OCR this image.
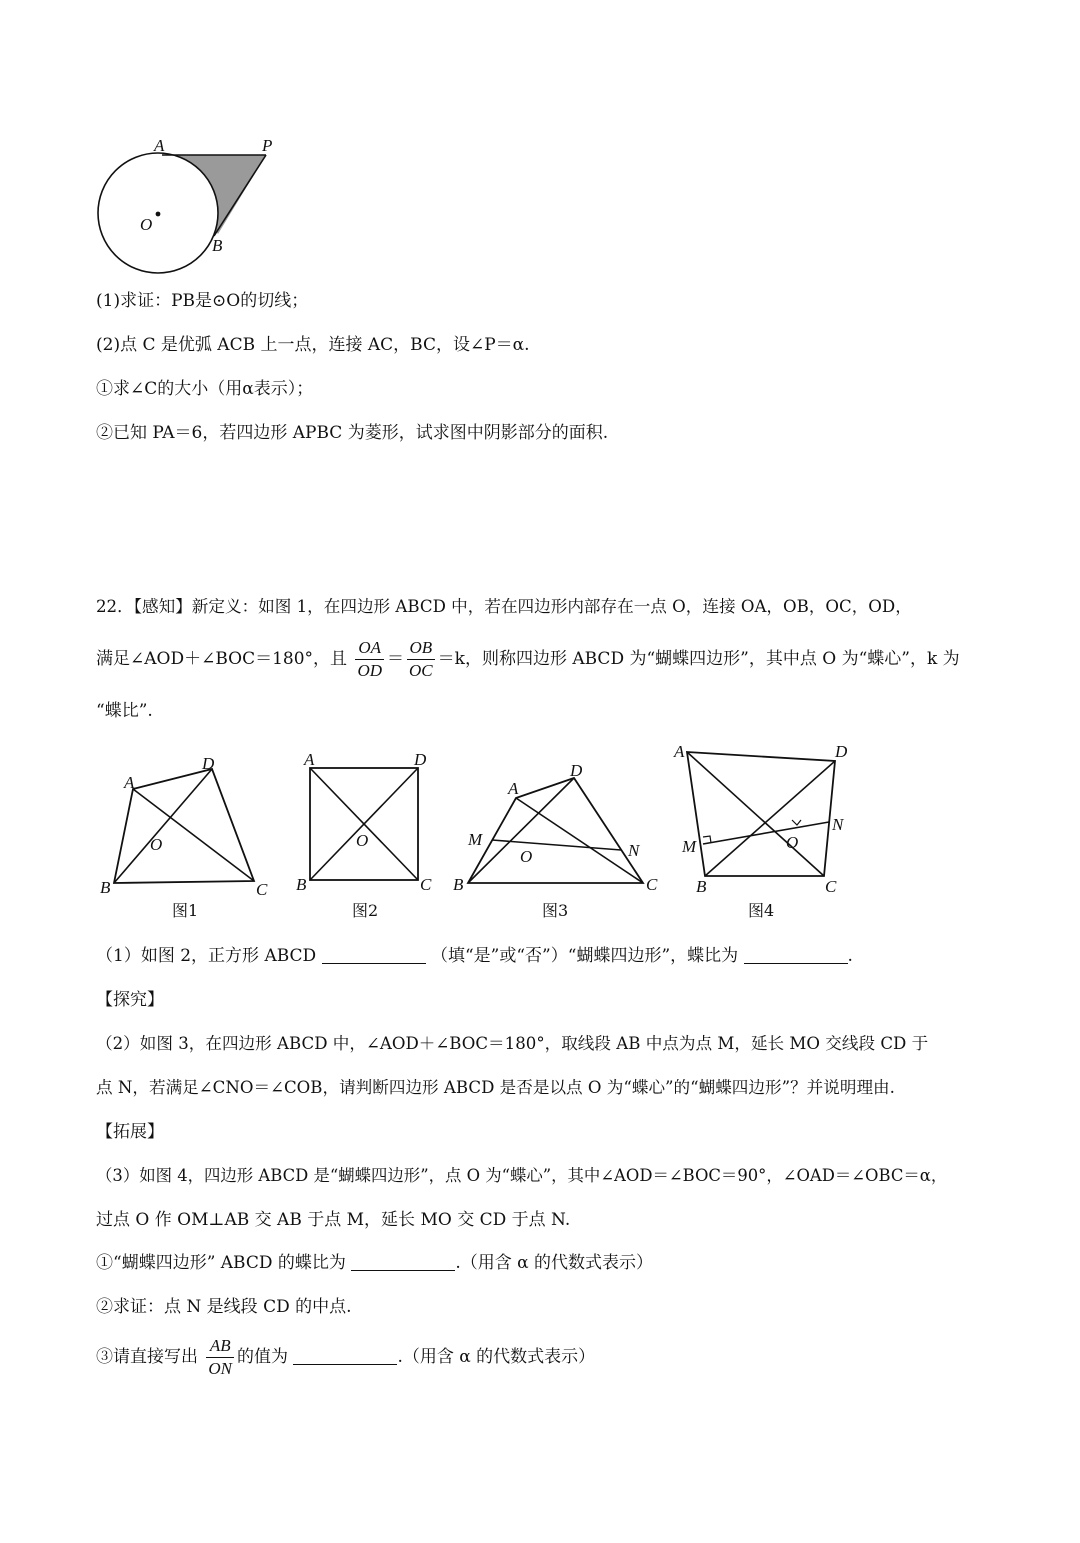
A	P
O
B
(1)求证：PB是⊙O的切线；
(2)点 C 是优弧 ACB 上一点，连接 AC，BC，设∠P＝α.
①求∠C的大小（用α表示）；
②已知 PA＝6，若四边形 APBC 为菱形，试求图中阴影部分的面积.
22．【感知】新定义：如图 1，在四边形 ABCD 中，若在四边形内部存在一点 O，连接 OA，OB，OC，OD，
满足∠AOD＋∠BOC＝180°，且 $\frac{OA}{OD} = \frac{OB}{OC} =k$，则称四边形 ABCD 为“蝴蝶四边形”，其中点 O 为“蝶心”，k 为
“蝶比”.
A
D
O
B	C
图1
A	D
O
B	C
图2
A
D
M
O	N
B	C
图3
A	D
M	O
N
B	C
图4
（1）如图 2，正方形 ABCD	（填“是”或“否”）“蝴蝶四边形”，蝶比为	.
【探究】
（2）如图 3，在四边形 ABCD 中，∠AOD＋∠BOC＝180°，取线段 AB 中点为点 M，延长 MO 交线段 CD 于
点 N，若满足∠CNO＝∠COB，请判断四边形 ABCD 是否是以点 O 为“蝶心”的“蝴蝶四边形”？并说明理由.
【拓展】
（3）如图 4，四边形 ABCD 是“蝴蝶四边形”，点 O 为“蝶心”，其中∠AOD＝∠BOC＝90°，∠OAD＝∠OBC＝α，
过点 O 作 OM⊥AB 交 AB 于点 M，延长 MO 交 CD 于点 N.
①“蝴蝶四边形” ABCD 的蝶比为	.（用含 α 的代数式表示）
②求证：点 N 是线段 CD 的中点.
③请直接写出 $\frac{AB}{ON}$ 的值为	.（用含 α 的代数式表示）
